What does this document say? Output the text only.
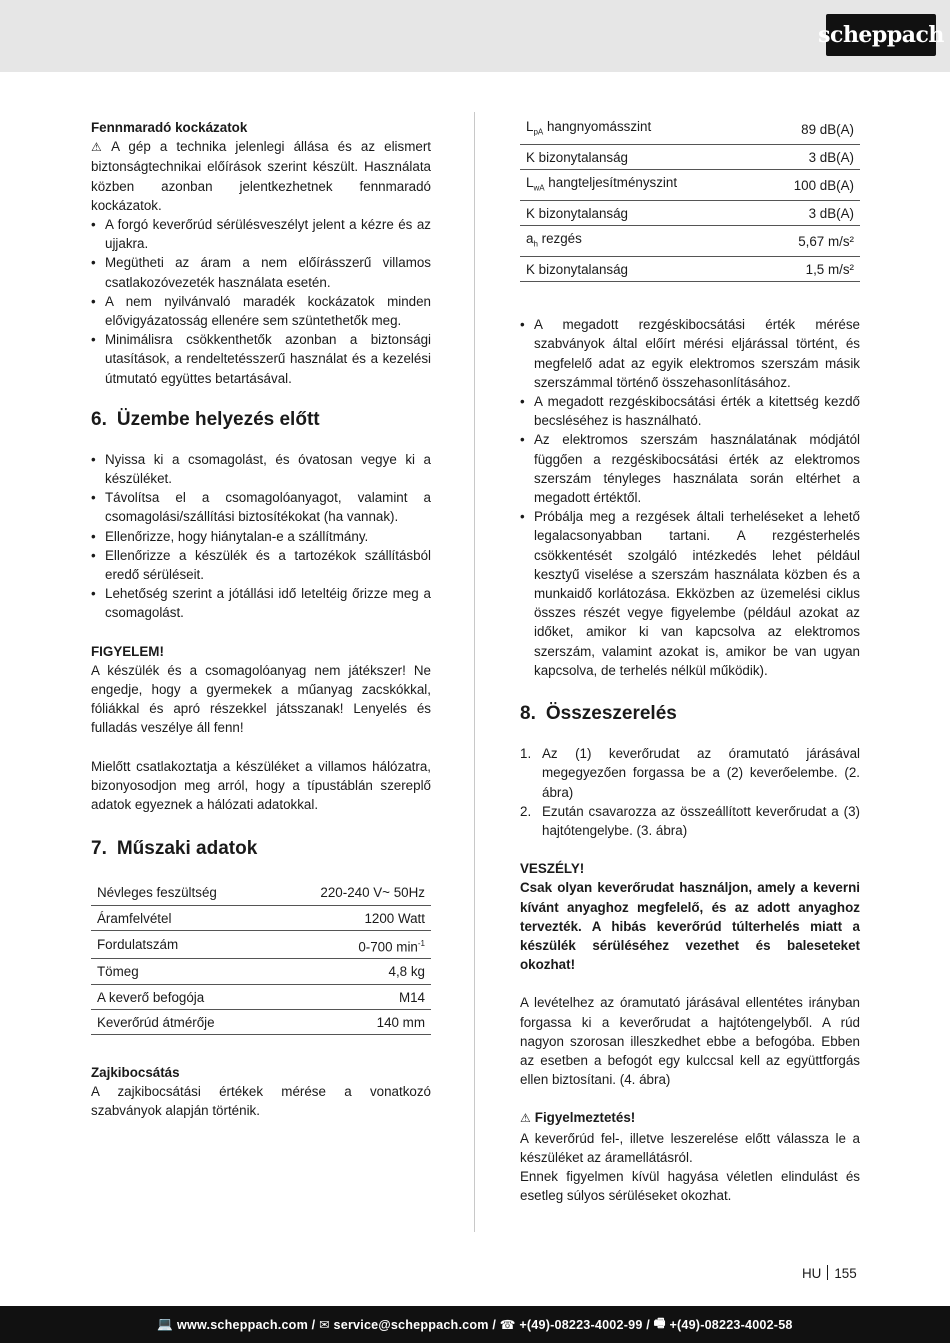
scheppach

Fennmaradó kockázatok

⚠ A gép a technika jelenlegi állása és az elismert biztonságtechnikai előírások szerint készült. Használata közben azonban jelentkezhetnek fennmaradó kockázatok.

• A forgó keverőrúd sérülésveszélyt jelent a kézre és az ujjakra.
• Megütheti az áram a nem előírásszerű villamos csatlakozóvezeték használata esetén.
• A nem nyilvánvaló maradék kockázatok minden elővigyázatosság ellenére sem szüntethetők meg.
• Minimálisra csökkenthetők azonban a biztonsági utasítások, a rendeltetésszerű használat és a kezelési útmutató együttes betartásával.
6. Üzembe helyezés előtt
• Nyissa ki a csomagolást, és óvatosan vegye ki a készüléket.
• Távolítsa el a csomagolóanyagot, valamint a csomagolási/szállítási biztosítékokat (ha vannak).
• Ellenőrizze, hogy hiánytalan-e a szállítmány.
• Ellenőrizze a készülék és a tartozékok szállításból eredő sérüléseit.
• Lehetőség szerint a jótállási idő leteltéig őrizze meg a csomagolást.

FIGYELEM!

A készülék és a csomagolóanyag nem játékszer! Ne engedje, hogy a gyermekek a műanyag zacskókkal, fóliákkal és apró részekkel játsszanak! Lenyelés és fulladás veszélye áll fenn!

Mielőtt csatlakoztatja a készüléket a villamos hálózatra, bizonyosodjon meg arról, hogy a típustáblán szereplő adatok egyeznek a hálózati adatokkal.

7. Műszaki adatok
Névleges feszültség	220-240 V~ 50Hz
Áramfelvétel	1200 Watt
Fordulatszám	0-700 $\min^{-1}$
Tömeg	4,8 kg
A keverő befogója	M14
Keverőrúd átmérője	140 mm

Zajkibocsátás

A zajkibocsátási értékek mérése a vonatkozó szabványok alapján történik.

$L_{pA}$ hangnyomásszint	89 dB(A)
K bizonytalanság	3 dB(A)
$L_{wA}$ hangteljesítményszint	100 dB(A)
K bizonytalanság	3 dB(A)
$a_h$ rezgés	5,67 m/s²
K bizonytalanság	1,5 m/s²
• A megadott rezgéskibocsátási érték mérése szabványok által előírt mérési eljárással történt, és megfelelő adat az egyik elektromos szerszám másik szerszámmal történő összehasonlításához.
• A megadott rezgéskibocsátási érték a kitettség kezdő becsléséhez is használható.
• Az elektromos szerszám használatának módjától függően a rezgéskibocsátási érték az elektromos szerszám tényleges használata során eltérhet a megadott értéktől.
• Próbálja meg a rezgések általi terheléseket a lehető legalacsonyabban tartani. A rezgésterhelés csökkentését szolgáló intézkedés lehet például kesztyű viselése a szerszám használata közben és a munkaidő korlátozása. Ekközben az üzemelési ciklus összes részét vegye figyelembe (például azokat az időket, amikor ki van kapcsolva az elektromos szerszám, valamint azokat is, amikor be van ugyan kapcsolva, de terhelés nélkül működik).
8. Összeszerelés
1. Az (1) keverőrudat az óramutató járásával megegyezően forgassa be a (2) keverőelembe. (2. ábra)
2. Ezután csavarozza az összeállított keverőrudat a (3) hajtótengelybe. (3. ábra)

VESZÉLY!

Csak olyan keverőrudat használjon, amely a keverni kívánt anyaghoz megfelelő, és az adott anyaghoz tervezték. A hibás keverőrúd túlterhelés miatt a készülék sérüléséhez vezethet és baleseteket okozhat!

A levételhez az óramutató járásával ellentétes irányban forgassa ki a keverőrudat a hajtótengelyből. A rúd nagyon szorosan illeszkedhet ebbe a befogóba. Ebben az esetben a befogót egy kulccsal kell az együttforgás ellen biztosítani. (4. ábra)

⚠ Figyelmeztetés!

A keverőrúd fel-, illetve leszerelése előtt válassza le a készüléket az áramellátásról.

Ennek figyelmen kívül hagyása véletlen elindulást és esetleg súlyos sérüléseket okozhat.

HU 155
💻 www.scheppach.com / ✉ service@scheppach.com / ☎ +(49)-08223-4002-99 / 🖷 +(49)-08223-4002-58
